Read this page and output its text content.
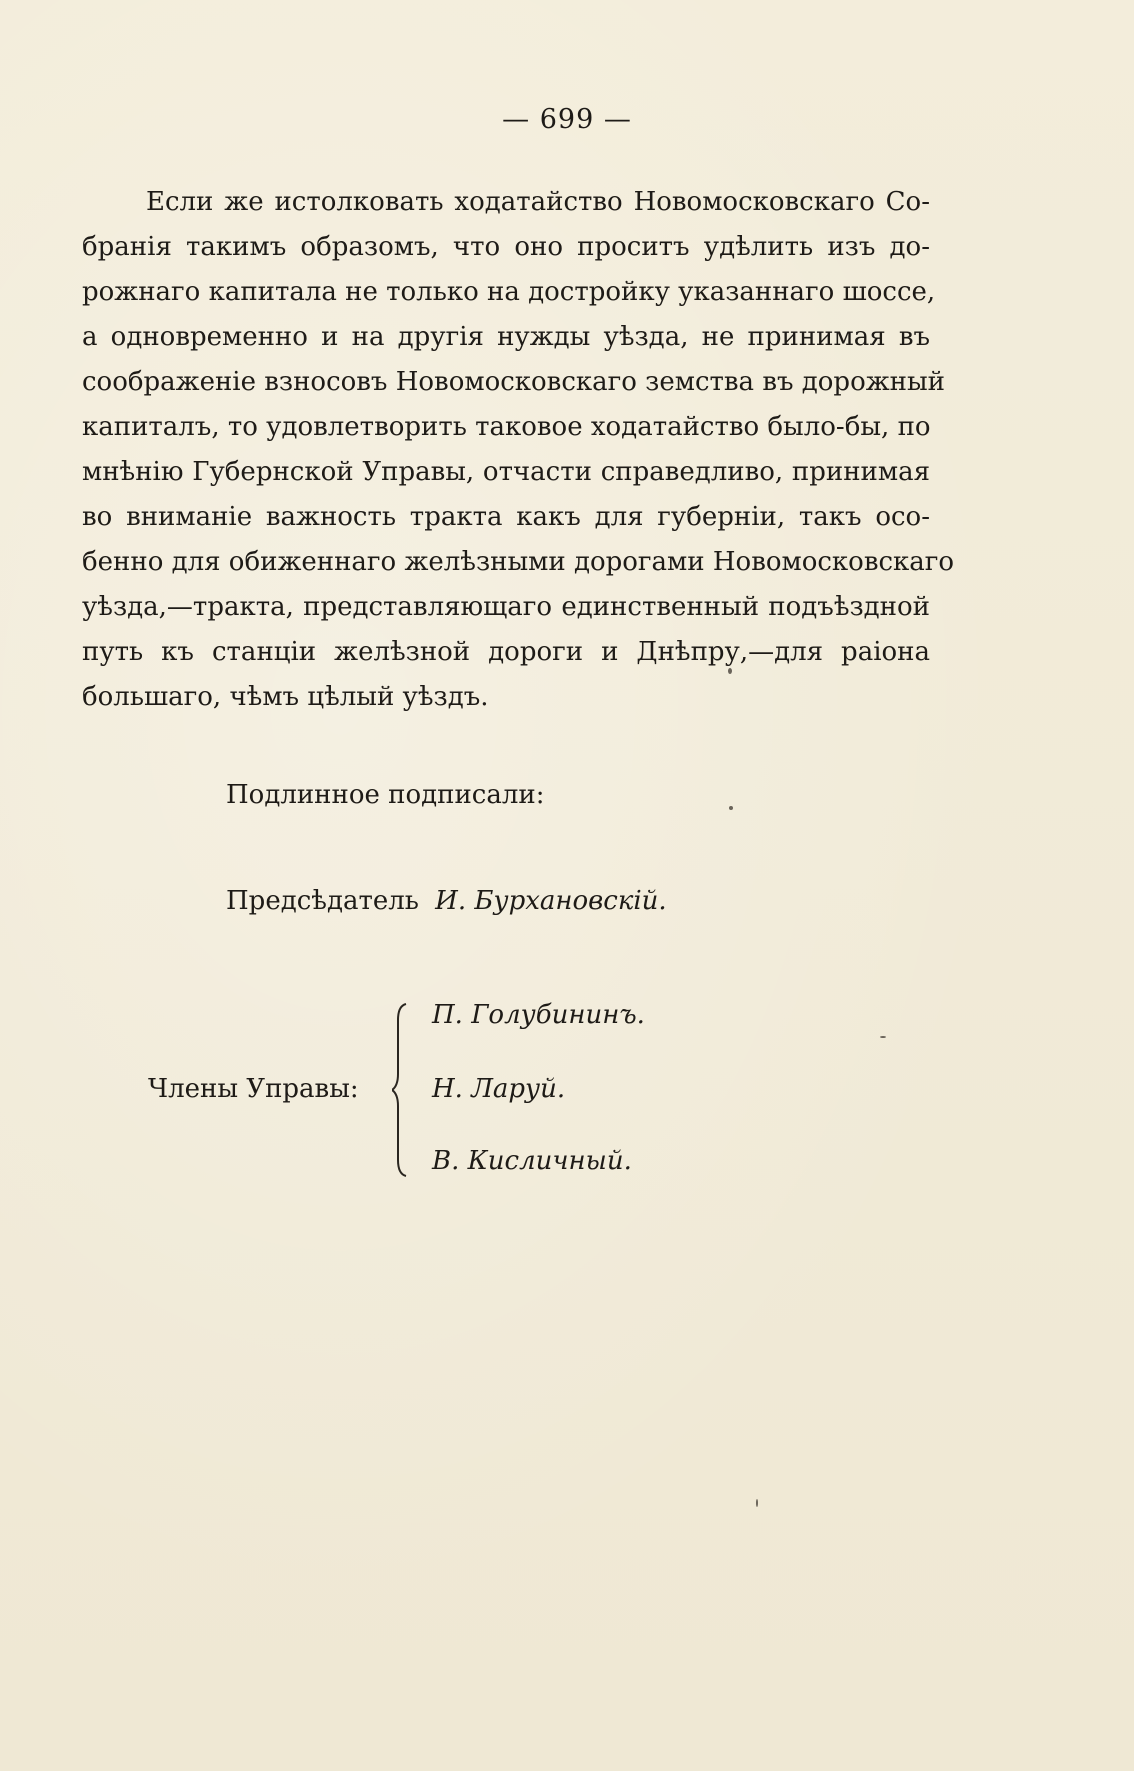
— 699 —
Если же истолковать ходатайство Новомосковскаго Со-
бранія такимъ образомъ, что оно проситъ удѣлить изъ до-
рожнаго капитала не только на достройку указаннаго шоссе,
а одновременно и на другія нужды уѣзда, не принимая въ
соображеніе взносовъ Новомосковскаго земства въ дорожный
капиталъ, то удовлетворить таковое ходатайство было-бы, по
мнѣнію Губернской Управы, отчасти справедливо, принимая
во вниманіе важность тракта какъ для губерніи, такъ осо-
бенно для обиженнаго желѣзными дорогами Новомосковскаго
уѣзда,—тракта, представляющаго единственный подъѣздной
путь къ станціи желѣзной дороги и Днѣпру,—для раіона
большаго, чѣмъ цѣлый уѣздъ.
Подлинное подписали:
Предсѣдатель И. Бурхановскій.
Члены Управы:
П. Голубининъ.
Н. Ларуй.
В. Кисличный.
